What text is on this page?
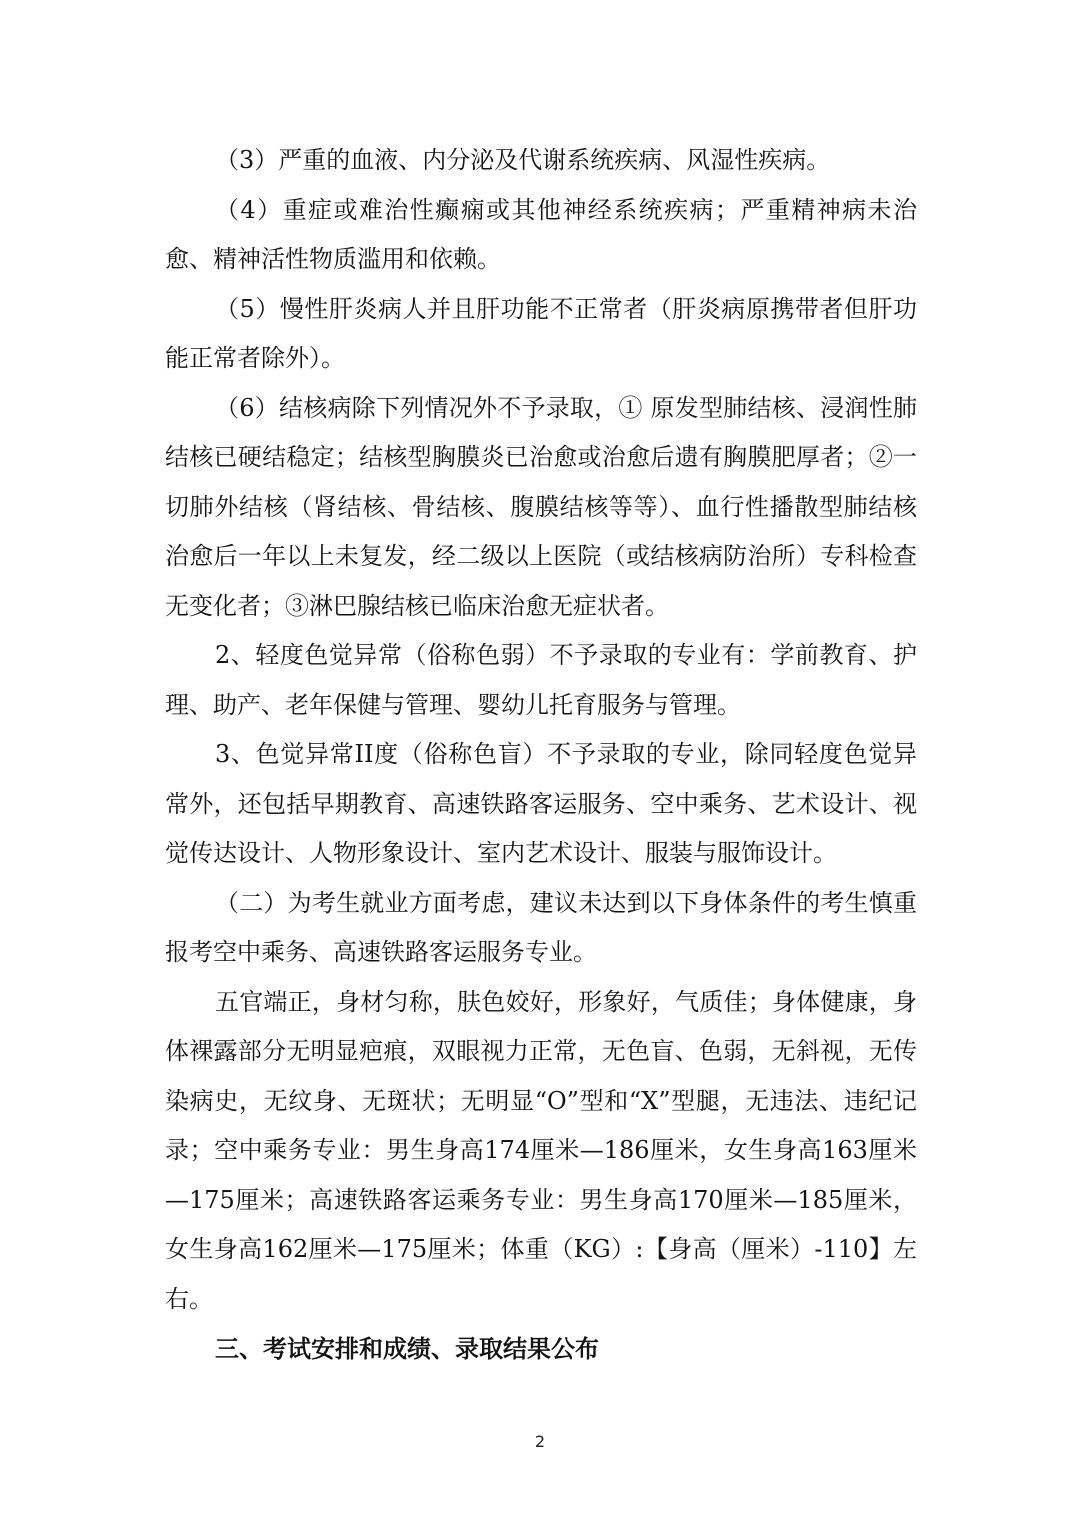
（3）严重的血液、内分泌及代谢系统疾病、风湿性疾病。

（4）重症或难治性癫痫或其他神经系统疾病；严重精神病未治愈、精神活性物质滥用和依赖。

（5）慢性肝炎病人并且肝功能不正常者（肝炎病原携带者但肝功能正常者除外）。

（6）结核病除下列情况外不予录取，① 原发型肺结核、浸润性肺结核已硬结稳定；结核型胸膜炎已治愈或治愈后遗有胸膜肥厚者；②一切肺外结核（肾结核、骨结核、腹膜结核等等）、血行性播散型肺结核治愈后一年以上未复发，经二级以上医院（或结核病防治所）专科检查无变化者；③淋巴腺结核已临床治愈无症状者。

2、轻度色觉异常（俗称色弱）不予录取的专业有：学前教育、护理、助产、老年保健与管理、婴幼儿托育服务与管理。

3、色觉异常II度（俗称色盲）不予录取的专业，除同轻度色觉异常外，还包括早期教育、高速铁路客运服务、空中乘务、艺术设计、视觉传达设计、人物形象设计、室内艺术设计、服装与服饰设计。

（二）为考生就业方面考虑，建议未达到以下身体条件的考生慎重报考空中乘务、高速铁路客运服务专业。

五官端正，身材匀称，肤色姣好，形象好，气质佳；身体健康，身体裸露部分无明显疤痕，双眼视力正常，无色盲、色弱，无斜视，无传染病史，无纹身、无斑状；无明显“O”型和“X”型腿，无违法、违纪记录；空中乘务专业：男生身高174厘米—186厘米，女生身高163厘米—175厘米；高速铁路客运乘务专业：男生身高170厘米—185厘米，女生身高162厘米—175厘米；体重（KG）:【身高（厘米）-110】左右。

三、考试安排和成绩、录取结果公布

2
